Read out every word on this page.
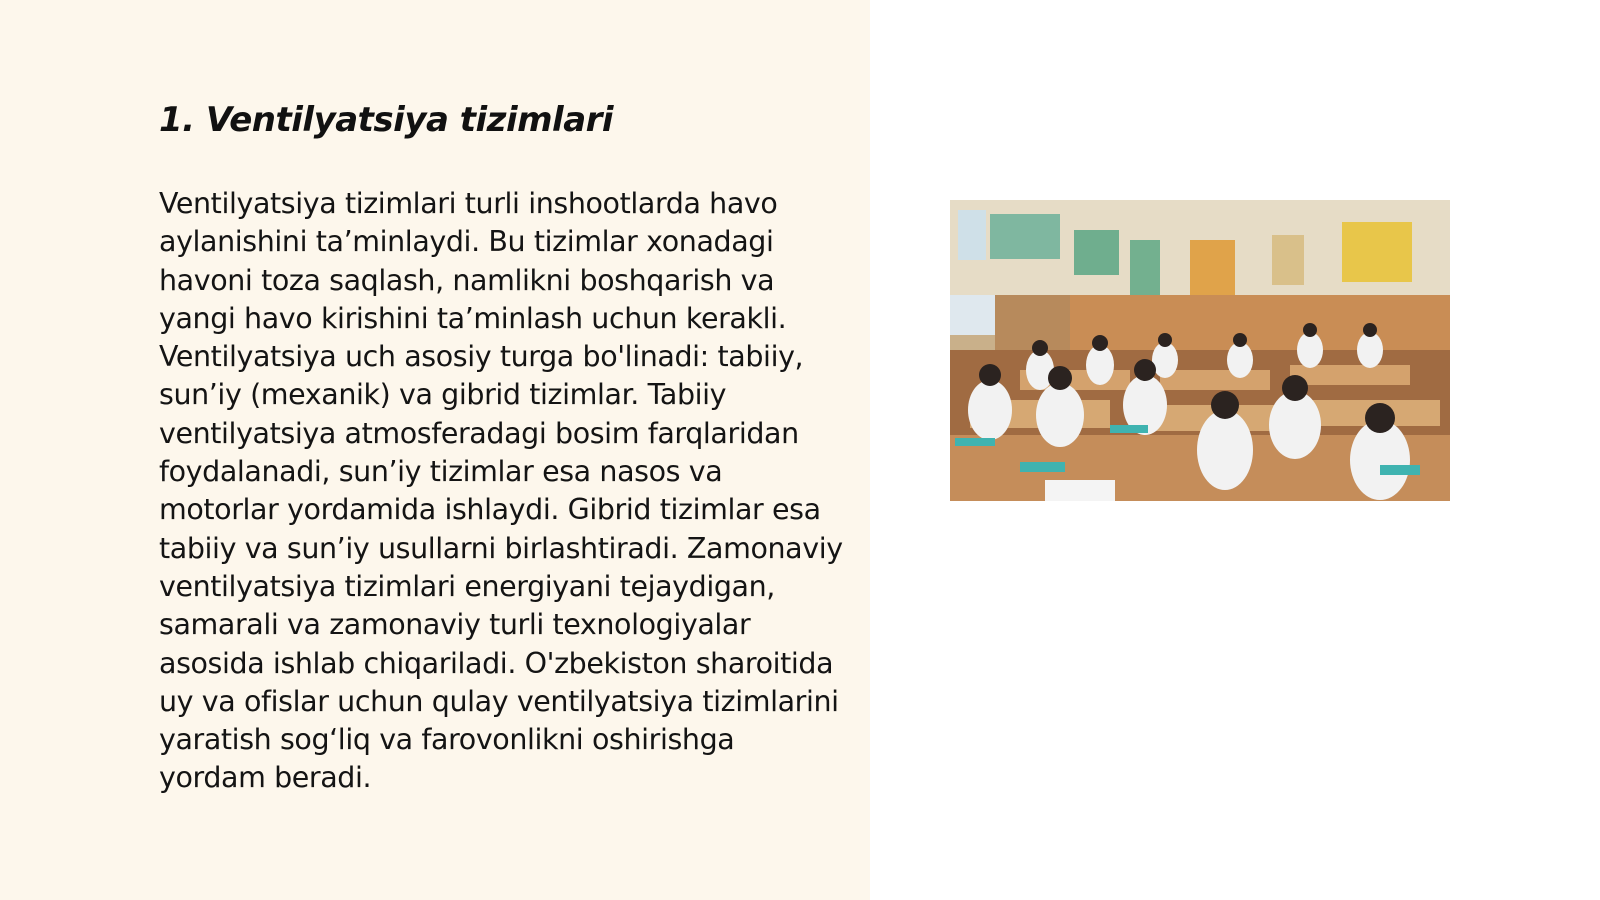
1. Ventilyatsiya tizimlari

Ventilyatsiya tizimlari turli inshootlarda havo aylanishini ta’minlaydi. Bu tizimlar xonadagi havoni toza saqlash, namlikni boshqarish va yangi havo kirishini ta’minlash uchun kerakli. Ventilyatsiya uch asosiy turga bo'linadi: tabiiy, sun’iy (mexanik) va gibrid tizimlar. Tabiiy ventilyatsiya atmosferadagi bosim farqlaridan foydalanadi, sun’iy tizimlar esa nasos va motorlar yordamida ishlaydi. Gibrid tizimlar esa tabiiy va sun’iy usullarni birlashtiradi. Zamonaviy ventilyatsiya tizimlari energiyani tejaydigan, samarali va zamonaviy turli texnologiyalar asosida ishlab chiqariladi. O'zbekiston sharoitida uy va ofislar uchun qulay ventilyatsiya tizimlarini yaratish sog‘liq va farovonlikni oshirishga yordam beradi.
